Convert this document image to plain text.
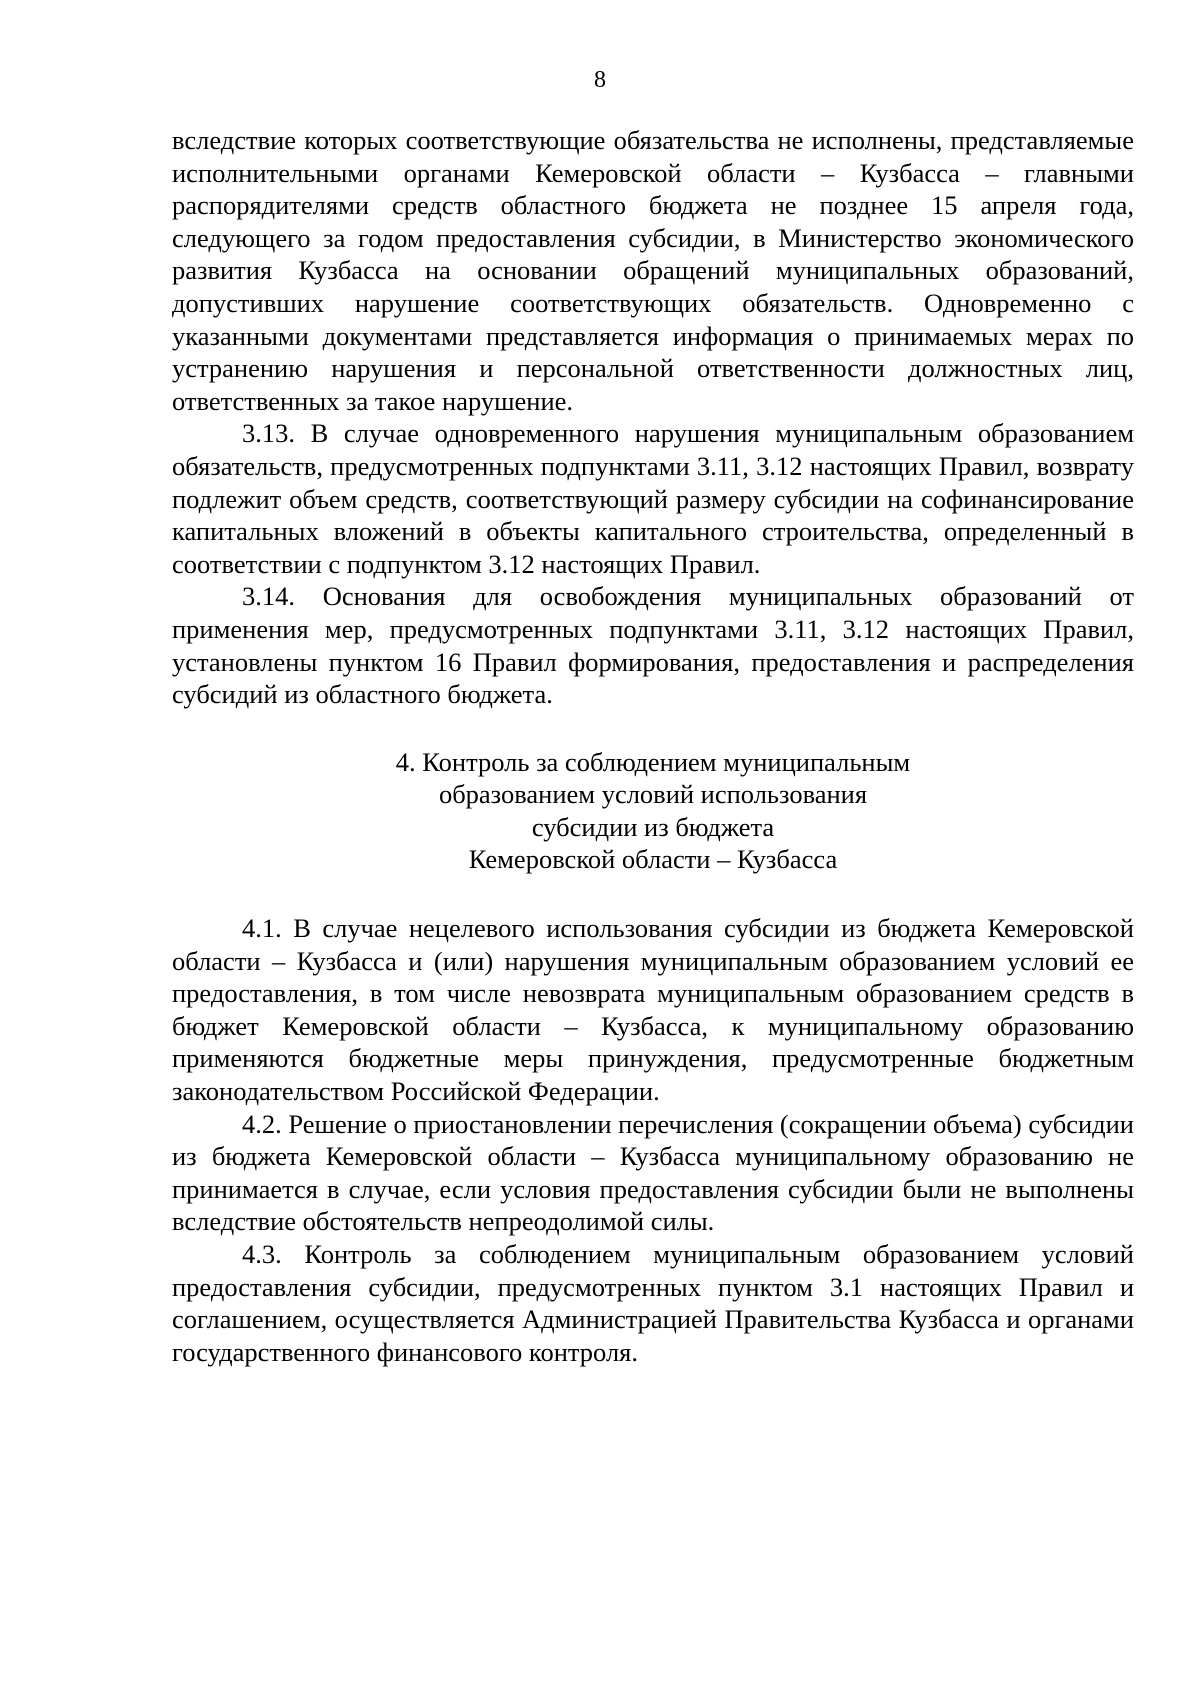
8

вследствие которых соответствующие обязательства не исполнены, представляемые исполнительными органами Кемеровской области – Кузбасса – главными распорядителями средств областного бюджета не позднее 15 апреля года, следующего за годом предоставления субсидии, в Министерство экономического развития Кузбасса на основании обращений муниципальных образований, допустивших нарушение соответствующих обязательств. Одновременно с указанными документами представляется информация о принимаемых мерах по устранению нарушения и персональной ответственности должностных лиц, ответственных за такое нарушение.

3.13. В случае одновременного нарушения муниципальным образованием обязательств, предусмотренных подпунктами 3.11, 3.12 настоящих Правил, возврату подлежит объем средств, соответствующий размеру субсидии на софинансирование капитальных вложений в объекты капитального строительства, определенный в соответствии с подпунктом 3.12 настоящих Правил.

3.14. Основания для освобождения муниципальных образований от применения мер, предусмотренных подпунктами 3.11, 3.12 настоящих Правил, установлены пунктом 16 Правил формирования, предоставления и распределения субсидий из областного бюджета.

4. Контроль за соблюдением муниципальным
образованием условий использования
субсидии из бюджета
Кемеровской области – Кузбасса

4.1. В случае нецелевого использования субсидии из бюджета Кемеровской области – Кузбасса и (или) нарушения муниципальным образованием условий ее предоставления, в том числе невозврата муниципальным образованием средств в бюджет Кемеровской области – Кузбасса, к муниципальному образованию применяются бюджетные меры принуждения, предусмотренные бюджетным законодательством Российской Федерации.

4.2. Решение о приостановлении перечисления (сокращении объема) субсидии из бюджета Кемеровской области – Кузбасса муниципальному образованию не принимается в случае, если условия предоставления субсидии были не выполнены вследствие обстоятельств непреодолимой силы.

4.3. Контроль за соблюдением муниципальным образованием условий предоставления субсидии, предусмотренных пунктом 3.1 настоящих Правил и соглашением, осуществляется Администрацией Правительства Кузбасса и органами государственного финансового контроля.
